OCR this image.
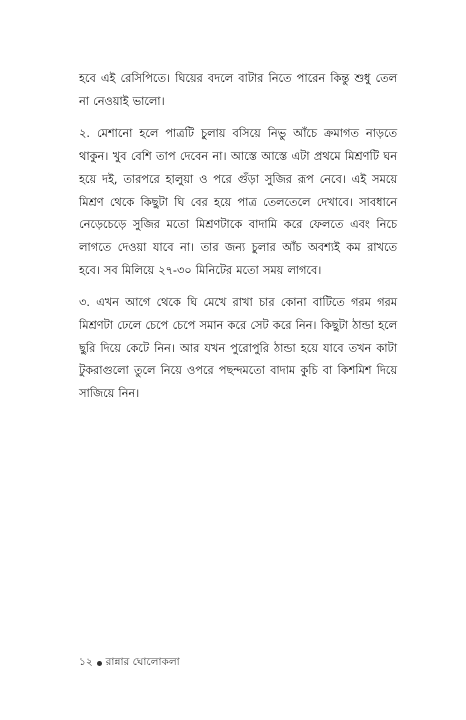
হবে এই রেসিপিতে। ঘিয়ের বদলে বাটার নিতে পারেন কিন্তু শুধু তেল না নেওয়াই ভালো।

২. মেশানো হলে পাত্রটি চুলায় বসিয়ে নিভু আঁচে ক্রমাগত নাড়তে থাকুন। খুব বেশি তাপ দেবেন না। আস্তে আস্তে এটা প্রথমে মিশ্রণটি ঘন হয়ে দই, তারপরে হালুয়া ও পরে গুঁড়া সুজির রূপ নেবে। এই সময়ে মিশ্রণ থেকে কিছুটা ঘি বের হয়ে পাত্র তেলতেলে দেখাবে। সাবধানে নেড়েচেড়ে সুজির মতো মিশ্রণটাকে বাদামি করে ফেলতে এবং নিচে লাগতে দেওয়া যাবে না। তার জন্য চুলার আঁচ অবশ্যই কম রাখতে হবে। সব মিলিয়ে ২৭-৩০ মিনিটের মতো সময় লাগবে।

৩. এখন আগে থেকে ঘি মেখে রাখা চার কোনা বাটিতে গরম গরম মিশ্রণটা ঢেলে চেপে চেপে সমান করে সেট করে নিন। কিছুটা ঠান্ডা হলে ছুরি দিয়ে কেটে নিন। আর যখন পুরোপুরি ঠান্ডা হয়ে যাবে তখন কাটা টুকরাগুলো তুলে নিয়ে ওপরে পছন্দমতো বাদাম কুচি বা কিশমিশ দিয়ে সাজিয়ে নিন।

১২ রান্নার ঘোলোকলা
